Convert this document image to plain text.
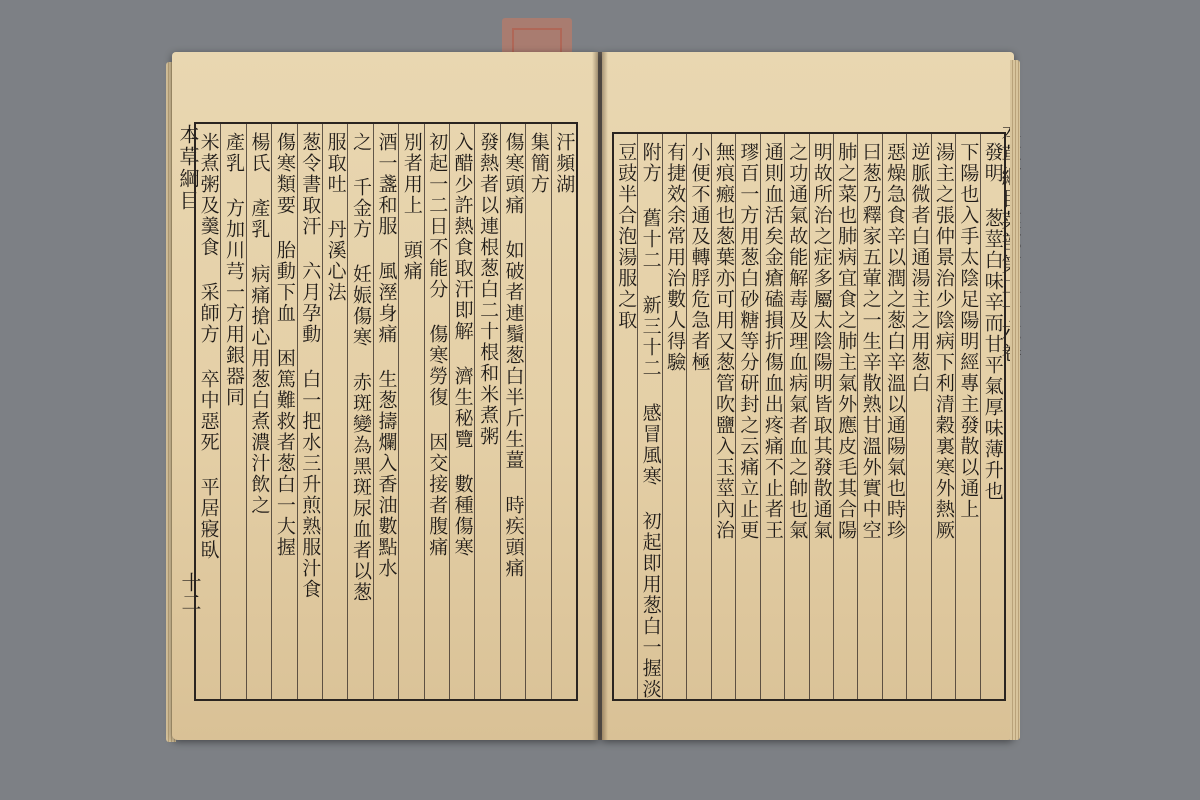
本草綱目
十二
汗頻湖
集簡方
傷寒頭痛 如破者連鬚葱白半斤生薑 時疾頭痛
發熱者以連根葱白二十根和米煮粥
入醋少許熱食取汗即解 濟生秘覽 數種傷寒
初起一二日不能分 傷寒勞復 因交接者腹痛
別者用上 頭痛
酒一盞和服 風溼身痛 生葱擣爛入香油數點水
之 千金方 妊娠傷寒 赤斑變為黑斑尿血者以葱
服取吐 丹溪心法
葱令書取汗 六月孕動 白一把水三升煎熟服汁食
傷寒類要 胎動下血 困篤難救者葱白一大握
楊氏 產乳 病痛搶心用葱白煮濃汁飲之
產乳 方加川芎一方用銀器同
米煮粥及羹食 采師方 卒中惡死 平居寢臥	發明 葱莖白味辛而甘平氣厚味薄升也
下陽也入手太陰足陽明經專主發散以通上
湯主之張仲景治少陰病下利清穀裏寒外熱厥
逆脈微者白通湯主之用葱白
惡燥急食辛以潤之葱白辛溫以通陽氣也時珍
曰葱乃釋家五葷之一生辛散熟甘溫外實中空
肺之菜也肺病宜食之肺主氣外應皮毛其合陽
明故所治之症多屬太陰陽明皆取其發散通氣
之功通氣故能解毒及理血病氣者血之帥也氣
通則血活矣金瘡磕損折傷血出疼痛不止者王
璆百一方用葱白砂糖等分研封之云痛立止更
無痕瘢也葱葉亦可用又葱管吹鹽入玉莖內治
小便不通及轉脬危急者極
有捷效余常用治數人得驗
附方 舊十二 新三十二 感冒風寒 初起即用葱白一握淡
豆豉半合泡湯服之取
